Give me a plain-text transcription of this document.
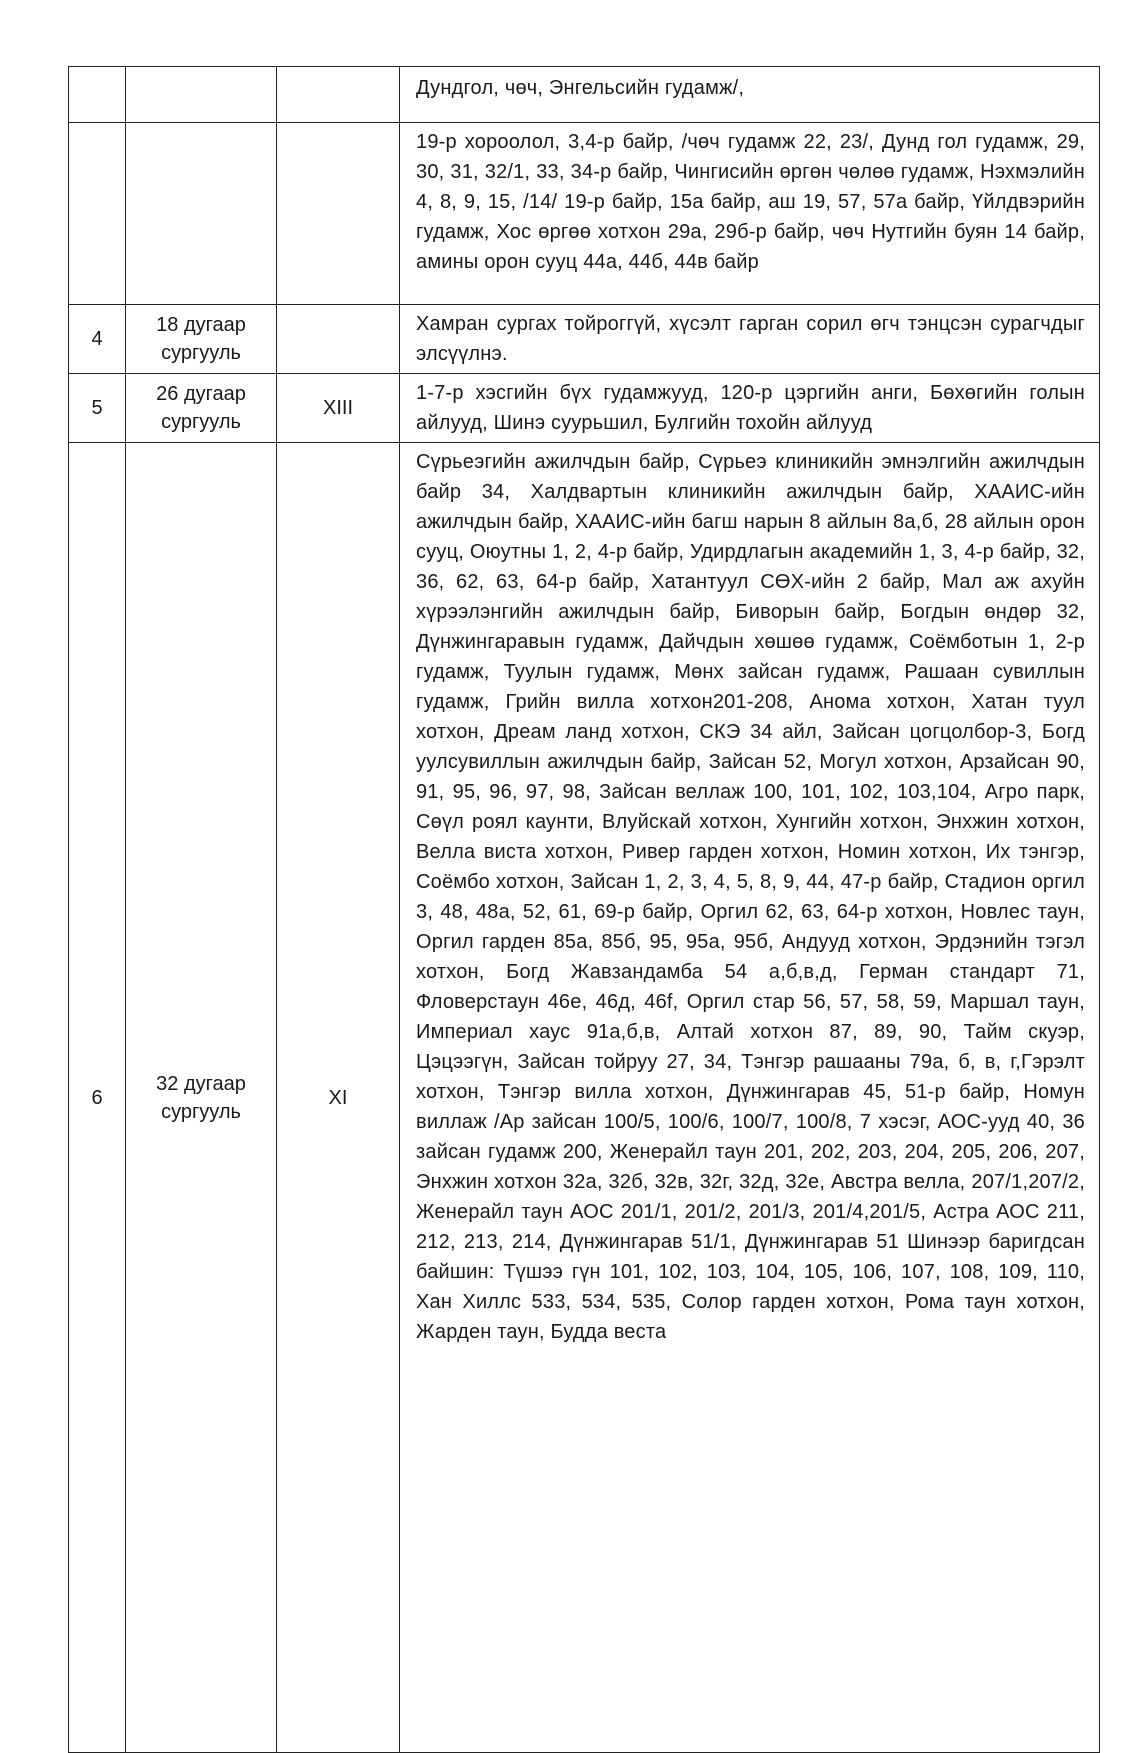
			Дундгол, чөч, Энгельсийн гудамж/,
			19-р хороолол, 3,4-р байр, /чөч гудамж 22, 23/, Дунд гол гудамж, 29, 30, 31, 32/1, 33, 34-р байр, Чингисийн өргөн чөлөө гудамж, Нэхмэлийн 4, 8, 9, 15, /14/ 19-р байр, 15а байр, аш 19, 57, 57а байр, Үйлдвэрийн гудамж, Хос өргөө хотхон 29а, 29б-р байр, чөч Нутгийн буян 14 байр, амины орон сууц 44а, 44б, 44в байр
4	18 дугаар сургууль		Хамран сургах тойроггүй, хүсэлт гарган сорил өгч тэнцсэн сурагчдыг элсүүлнэ.
5	26 дугаар сургууль	XIII	1-7-р хэсгийн бүх гудамжууд, 120-р цэргийн анги, Бөхөгийн голын айлууд, Шинэ суурьшил, Булгийн тохойн айлууд
6	32 дугаар сургууль	XI	Сүрьеэгийн ажилчдын байр, Сүрьеэ клиникийн эмнэлгийн ажилчдын байр 34, Халдвартын клиникийн ажилчдын байр, ХААИС-ийн ажилчдын байр, ХААИС-ийн багш нарын 8 айлын 8а,б, 28 айлын орон сууц, Оюутны 1, 2, 4-р байр, Удирдлагын академийн 1, 3, 4-р байр, 32, 36, 62, 63, 64-р байр, Хатантуул СӨХ-ийн 2 байр, Мал аж ахуйн хүрээлэнгийн ажилчдын байр, Биворын байр, Богдын өндөр 32, Дүнжингаравын гудамж, Дайчдын хөшөө гудамж, Соёмботын 1, 2-р гудамж, Туулын гудамж, Мөнх зайсан гудамж, Рашаан сувиллын гудамж, Грийн вилла хотхон201-208, Анома хотхон, Хатан туул хотхон, Дреам ланд хотхон, СКЭ 34 айл, Зайсан цогцолбор-3, Богд уулсувиллын ажилчдын байр, Зайсан 52, Могул хотхон, Арзайсан 90, 91, 95, 96, 97, 98, Зайсан веллаж 100, 101, 102, 103,104, Агро парк, Сөүл роял каунти, Влуйскай хотхон, Хунгийн хотхон, Энхжин хотхон, Велла виста хотхон, Ривер гарден хотхон, Номин хотхон, Их тэнгэр, Соёмбо хотхон, Зайсан 1, 2, 3, 4, 5, 8, 9, 44, 47-р байр, Стадион оргил 3, 48, 48а, 52, 61, 69-р байр, Оргил 62, 63, 64-р хотхон, Новлес таун, Оргил гарден 85а, 85б, 95, 95а, 95б, Андууд хотхон, Эрдэнийн тэгэл хотхон, Богд Жавзандамба 54 а,б,в,д, Герман стандарт 71, Фловерстаун 46е, 46д, 46f, Оргил стар 56, 57, 58, 59, Маршал таун, Империал хаус 91а,б,в, Алтай хотхон 87, 89, 90, Тайм скуэр, Цэцээгүн, Зайсан тойруу 27, 34, Тэнгэр рашааны 79а, б, в, г,Гэрэлт хотхон, Тэнгэр вилла хотхон, Дүнжингарав 45, 51-р байр, Номун виллаж /Ар зайсан 100/5, 100/6, 100/7, 100/8, 7 хэсэг, АОС-ууд 40, 36 зайсан гудамж 200, Женерайл таун 201, 202, 203, 204, 205, 206, 207, Энхжин хотхон 32а, 32б, 32в, 32г, 32д, 32е, Австра велла, 207/1,207/2, Женерайл таун АОС 201/1, 201/2, 201/3, 201/4,201/5, Астра АОС 211, 212, 213, 214, Дүнжингарав 51/1, Дүнжингарав 51 Шинээр баригдсан байшин: Түшээ гүн 101, 102, 103, 104, 105, 106, 107, 108, 109, 110, Хан Хиллс 533, 534, 535, Солор гарден хотхон, Рома таун хотхон, Жарден таун, Будда веста
